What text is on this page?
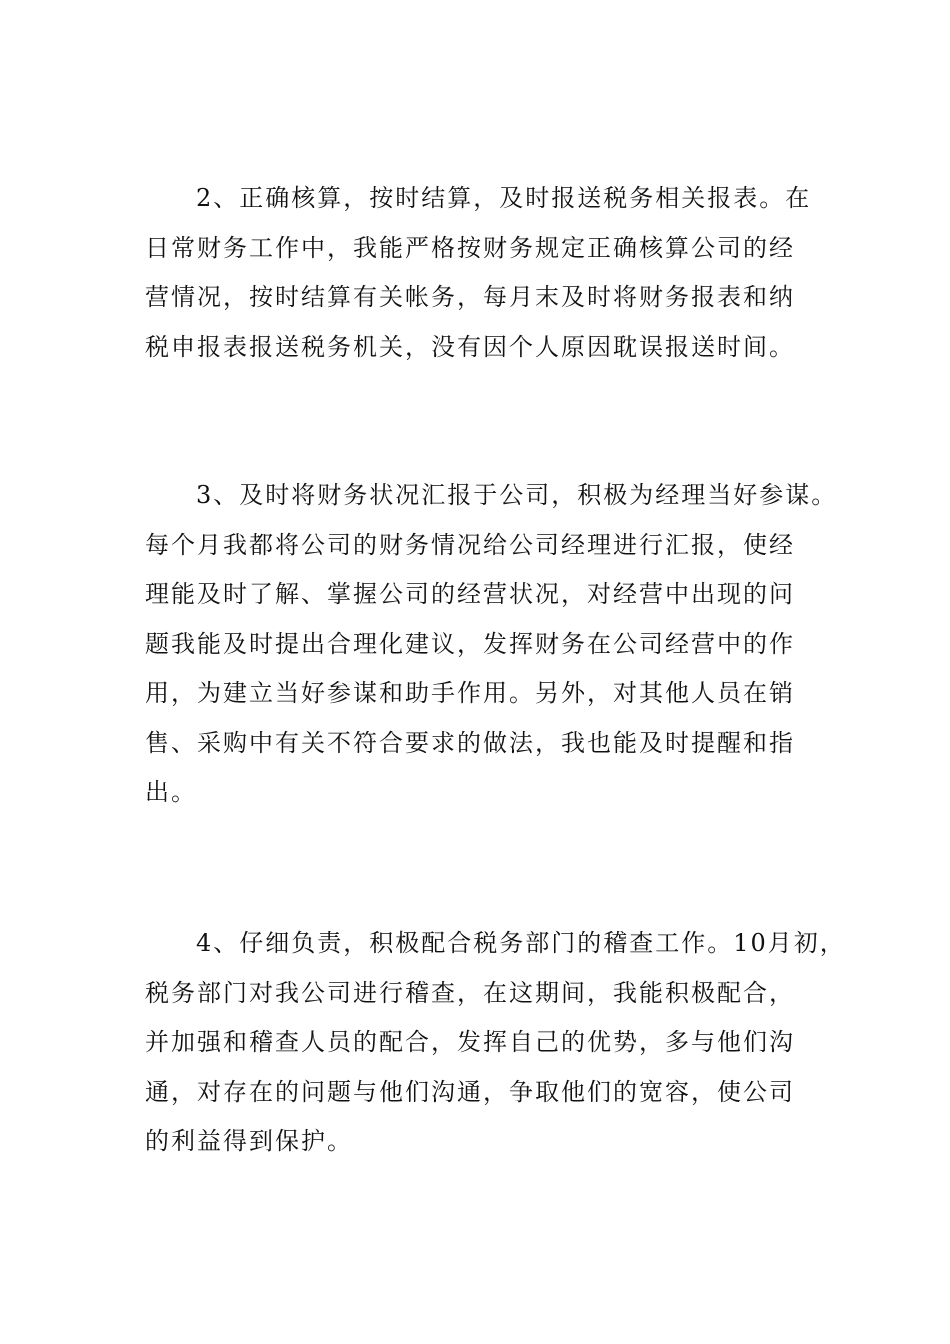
2、正确核算，按时结算，及时报送税务相关报表。在
日常财务工作中，我能严格按财务规定正确核算公司的经
营情况，按时结算有关帐务，每月末及时将财务报表和纳
税申报表报送税务机关，没有因个人原因耽误报送时间。
3、及时将财务状况汇报于公司，积极为经理当好参谋。
每个月我都将公司的财务情况给公司经理进行汇报，使经
理能及时了解、掌握公司的经营状况，对经营中出现的问
题我能及时提出合理化建议，发挥财务在公司经营中的作
用，为建立当好参谋和助手作用。另外，对其他人员在销
售、采购中有关不符合要求的做法，我也能及时提醒和指
出。
4、仔细负责，积极配合税务部门的稽查工作。10月初，
税务部门对我公司进行稽查，在这期间，我能积极配合，
并加强和稽查人员的配合，发挥自己的优势，多与他们沟
通，对存在的问题与他们沟通，争取他们的宽容，使公司
的利益得到保护。
